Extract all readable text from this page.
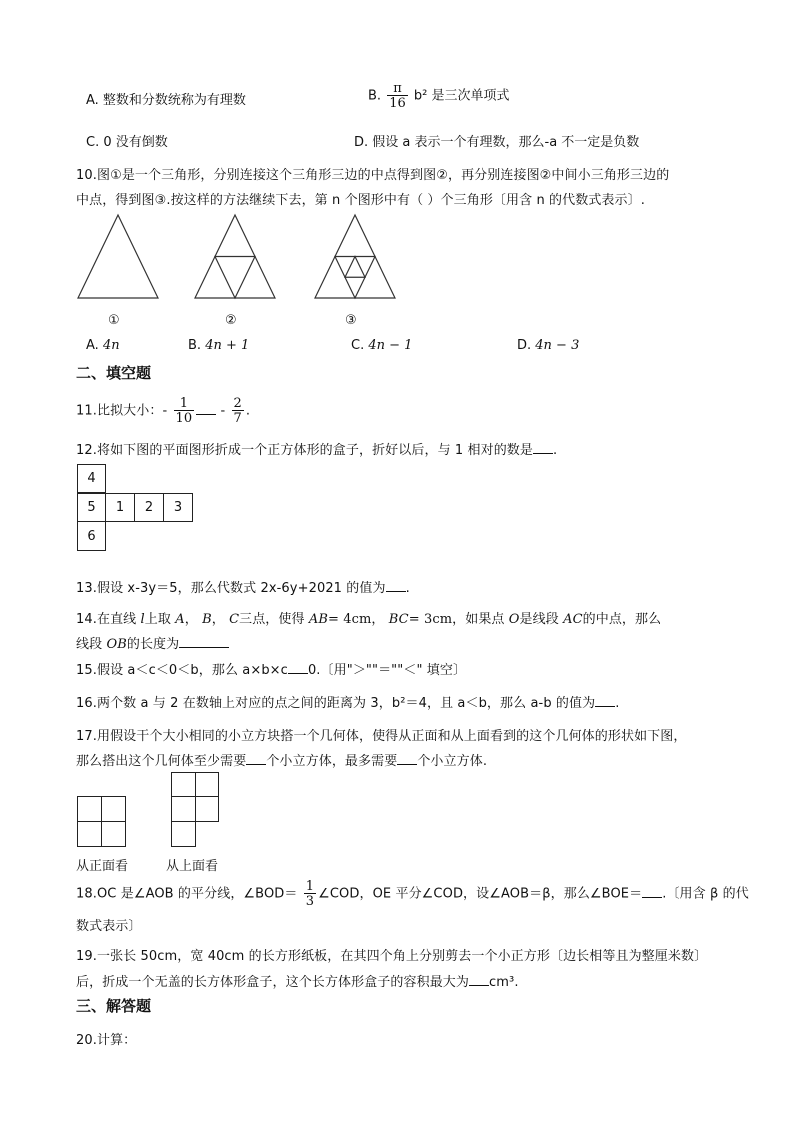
A. 整数和分数统称为有理数	B. $\frac{\pi}{16} b^2$ 是三次单项式
C. 0 没有倒数	D. 假设 a 表示一个有理数，那么-a 不一定是负数
10.图①是一个三角形，分别连接这个三角形三边的中点得到图②，再分别连接图②中间小三角形三边的
中点，得到图③.按这样的方法继续下去，第 n 个图形中有（ ）个三角形〔用含 n 的代数式表示〕.
①	②	③
A. 4n	B. 4n + 1	C. 4n − 1	D. 4n − 3
二、填空题
11.比拟大小：- $\frac{1}{10} - \frac{2}{7}$ .
12.将如下图的平面图形折成一个正方体形的盒子，折好以后，与 1 相对的数是 .
4
5	1	2	3
6
13.假设 x-3y＝5，那么代数式 2x-6y+2021 的值为 .
14.在直线 l上取 A， B， C三点，使得 AB= 4cm， BC= 3cm，如果点 O是线段 AC的中点，那么
线段 OB的长度为
15.假设 a＜c＜0＜b，那么 a×b×c 0.〔用"＞""＝""＜" 填空〕
16.两个数 a 与 2 在数轴上对应的点之间的距离为 3，b²＝4，且 a＜b，那么 a-b 的值为 .
17.用假设干个大小相同的小立方块搭一个几何体，使得从正面和从上面看到的这个几何体的形状如下图，
那么搭出这个几何体至少需要 个小立方体，最多需要 个小立方体.
从正面看	从上面看
18.OC 是∠AOB 的平分线，∠BOD＝ $\frac{1}{3}$ ∠COD，OE 平分∠COD，设∠AOB＝β，那么∠BOE＝ .〔用含 β 的代
数式表示〕
19.一张长 50cm，宽 40cm 的长方形纸板，在其四个角上分别剪去一个小正方形〔边长相等且为整厘米数〕
后，折成一个无盖的长方体形盒子，这个长方体形盒子的容积最大为 cm³.
三、解答题
20.计算：
